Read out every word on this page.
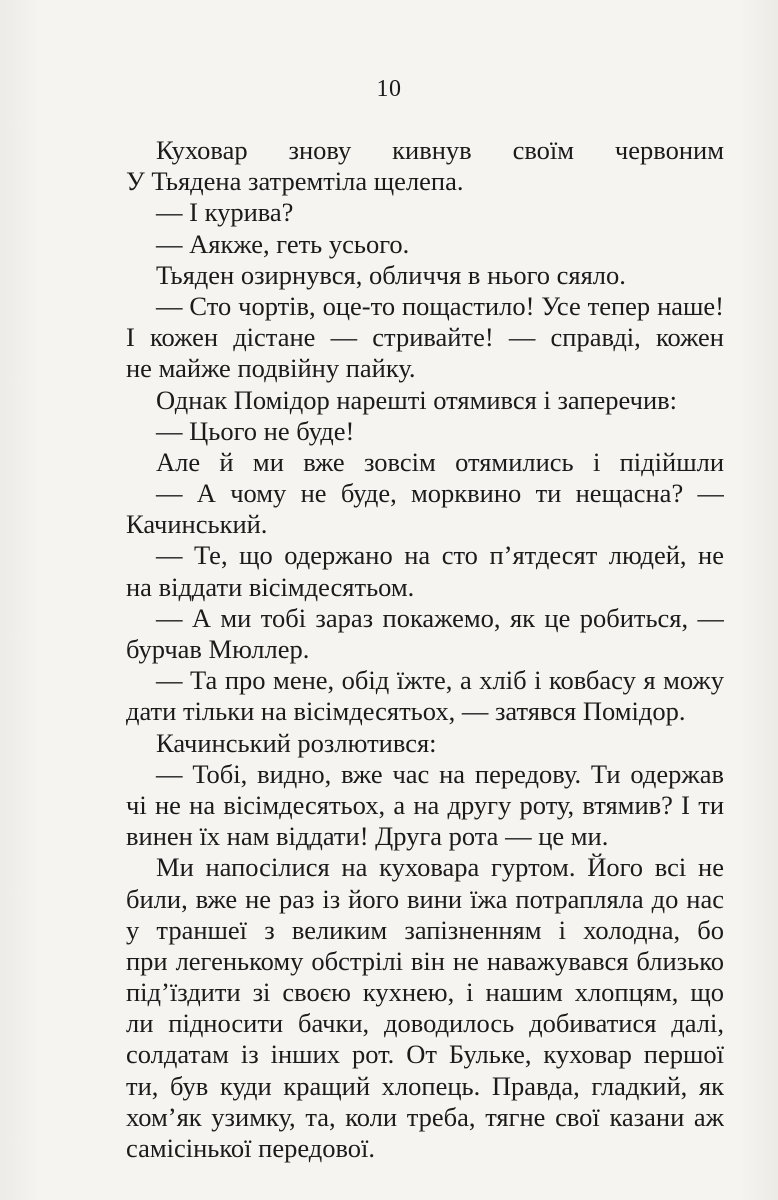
10
Куховар знову кивнув своїм червоним
У Тьядена затремтіла щелепа.
— І курива?
— Аякже, геть усього.
Тьяден озирнувся, обличчя в нього сяяло.
— Сто чортів, оце-то пощастило! Усе тепер наше!
І кожен дістане — стривайте! — справді, кожен
не майже подвійну пайку.
Однак Помідор нарешті отямився і заперечив:
— Цього не буде!
Але й ми вже зовсім отямились і підійшли
— А чому не буде, морквино ти нещасна? —
Качинський.
— Те, що одержано на сто п’ятдесят людей, не
на віддати вісімдесятьом.
— А ми тобі зараз покажемо, як це робиться, —
бурчав Мюллер.
— Та про мене, обід їжте, а хліб і ковбасу я можу
дати тільки на вісімдесятьох, — затявся Помідор.
Качинський розлютився:
— Тобі, видно, вже час на передову. Ти одержав
чі не на вісімдесятьох, а на другу роту, втямив? І ти
винен їх нам віддати! Друга рота — це ми.
Ми напосілися на куховара гуртом. Його всі не
били, вже не раз із його вини їжа потрапляла до нас
у траншеї з великим запізненням і холодна, бо
при легенькому обстрілі він не наважувався близько
під’їздити зі своєю кухнею, і нашим хлопцям, що
ли підносити бачки, доводилось добиватися далі,
солдатам із інших рот. От Бульке, куховар першої
ти, був куди кращий хлопець. Правда, гладкий, як
хом’як узимку, та, коли треба, тягне свої казани аж
самісінької передової.
